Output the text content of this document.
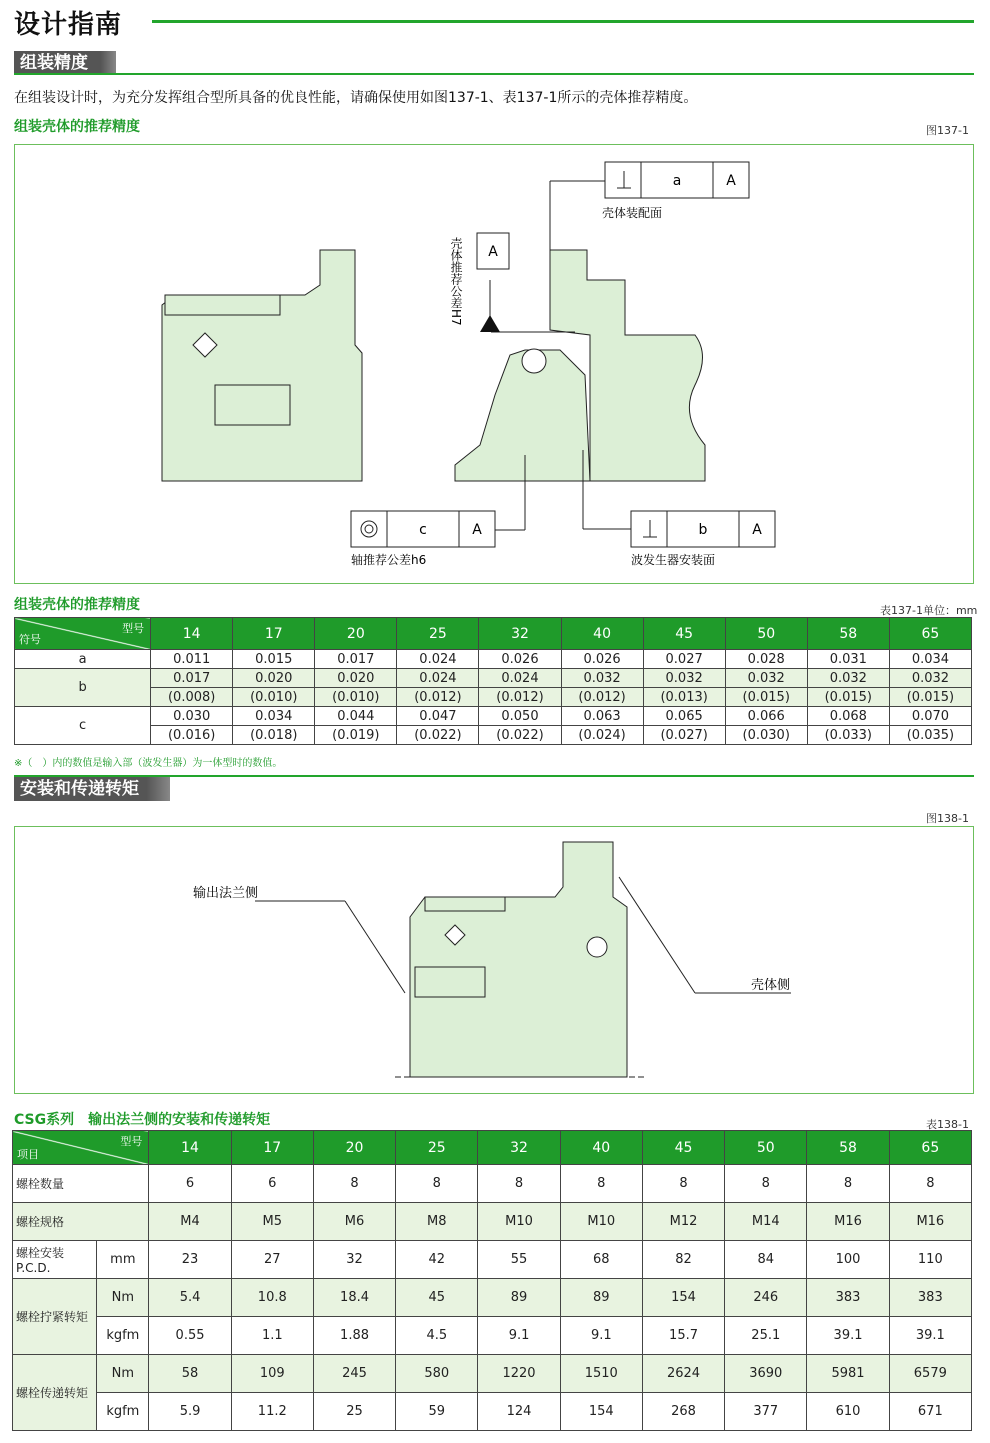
设计指南
组装精度
在组装设计时，为充分发挥组合型所具备的优良性能，请确保使用如图137-1、表137-1所示的壳体推荐精度。
组装壳体的推荐精度	图137-1
a	A
壳体装配面
A
壳体推荐公差H7
c	A
轴推荐公差h6
b	A
波发生器安装面
组装壳体的推荐精度	表137-1单位：mm
型号
符号	14	17	20	25	32	40	45	50	58	65
a	0.011	0.015	0.017	0.024	0.026	0.026	0.027	0.028	0.031	0.034
b	0.017	0.020	0.020	0.024	0.024	0.032	0.032	0.032	0.032	0.032
	(0.008)	(0.010)	(0.010)	(0.012)	(0.012)	(0.012)	(0.013)	(0.015)	(0.015)	(0.015)
c	0.030	0.034	0.044	0.047	0.050	0.063	0.065	0.066	0.068	0.070
	(0.016)	(0.018)	(0.019)	(0.022)	(0.022)	(0.024)	(0.027)	(0.030)	(0.033)	(0.035)
※（　）内的数值是输入部（波发生器）为一体型时的数值。
安装和传递转矩
图138-1
输出法兰侧
壳体侧
CSG系列　输出法兰侧的安装和传递转矩	表138-1
型号
项目		14	17	20	25	32	40	45	50	58	65
螺栓数量		6	6	8	8	8	8	8	8	8	8
螺栓规格		M4	M5	M6	M8	M10	M10	M12	M14	M16	M16
螺栓安装P.C.D.	mm	23	27	32	42	55	68	82	84	100	110
螺栓拧紧转矩	Nm	5.4	10.8	18.4	45	89	89	154	246	383	383
	kgfm	0.55	1.1	1.88	4.5	9.1	9.1	15.7	25.1	39.1	39.1
螺栓传递转矩	Nm	58	109	245	580	1220	1510	2624	3690	5981	6579
	kgfm	5.9	11.2	25	59	124	154	268	377	610	671
